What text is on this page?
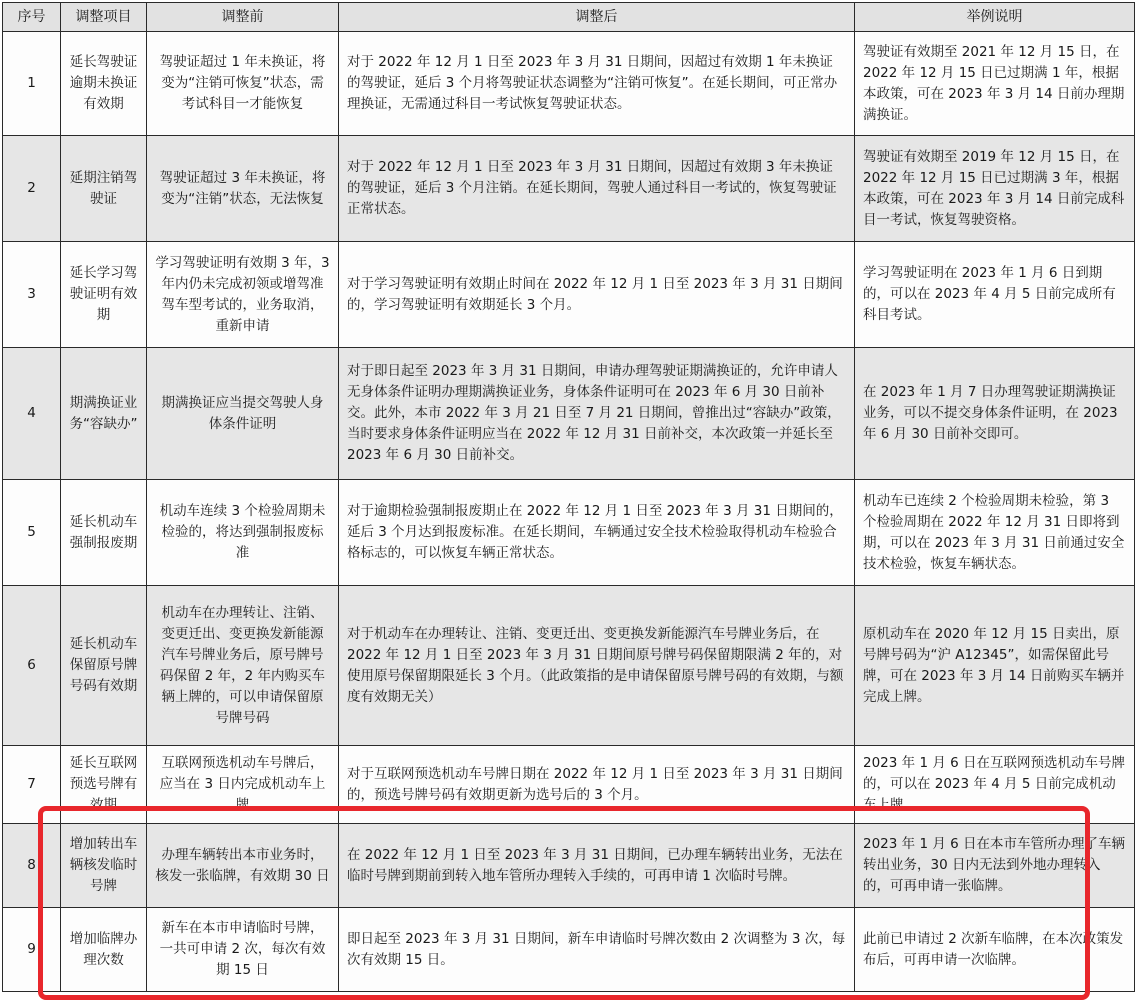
序号	调整项目	调整前	调整后	举例说明
1	延长驾驶证逾期未换证有效期	驾驶证超过 1 年未换证，将变为“注销可恢复”状态，需考试科目一才能恢复	对于 2022 年 12 月 1 日至 2023 年 3 月 31 日期间，因超过有效期 1 年未换证的驾驶证，延后 3 个月将驾驶证状态调整为“注销可恢复”。在延长期间，可正常办理换证，无需通过科目一考试恢复驾驶证状态。	驾驶证有效期至 2021 年 12 月 15 日，在 2022 年 12 月 15 日已过期满 1 年，根据本政策，可在 2023 年 3 月 14 日前办理期满换证。
2	延期注销驾驶证	驾驶证超过 3 年未换证，将变为“注销”状态，无法恢复	对于 2022 年 12 月 1 日至 2023 年 3 月 31 日期间，因超过有效期 3 年未换证的驾驶证，延后 3 个月注销。在延长期间，驾驶人通过科目一考试的，恢复驾驶证正常状态。	驾驶证有效期至 2019 年 12 月 15 日，在 2022 年 12 月 15 日已过期满 3 年，根据本政策，可在 2023 年 3 月 14 日前完成科目一考试，恢复驾驶资格。
3	延长学习驾驶证明有效期	学习驾驶证明有效期 3 年，3 年内仍未完成初领或增驾准驾车型考试的，业务取消，重新申请	对于学习驾驶证明有效期止时间在 2022 年 12 月 1 日至 2023 年 3 月 31 日期间的，学习驾驶证明有效期延长 3 个月。	学习驾驶证明在 2023 年 1 月 6 日到期的，可以在 2023 年 4 月 5 日前完成所有科目考试。
4	期满换证业务“容缺办”	期满换证应当提交驾驶人身体条件证明	对于即日起至 2023 年 3 月 31 日期间，申请办理驾驶证期满换证的，允许申请人无身体条件证明办理期满换证业务，身体条件证明可在 2023 年 6 月 30 日前补交。此外，本市 2022 年 3 月 21 日至 7 月 21 日期间，曾推出过“容缺办”政策，当时要求身体条件证明应当在 2022 年 12 月 31 日前补交，本次政策一并延长至 2023 年 6 月 30 日前补交。	在 2023 年 1 月 7 日办理驾驶证期满换证业务，可以不提交身体条件证明，在 2023 年 6 月 30 日前补交即可。
5	延长机动车强制报废期	机动车连续 3 个检验周期未检验的，将达到强制报废标准	对于逾期检验强制报废期止在 2022 年 12 月 1 日至 2023 年 3 月 31 日期间的，延后 3 个月达到报废标准。在延长期间，车辆通过安全技术检验取得机动车检验合格标志的，可以恢复车辆正常状态。	机动车已连续 2 个检验周期未检验，第 3 个检验周期在 2022 年 12 月 31 日即将到期，可以在 2023 年 3 月 31 日前通过安全技术检验，恢复车辆状态。
6	延长机动车保留原号牌号码有效期	机动车在办理转让、注销、变更迁出、变更换发新能源汽车号牌业务后，原号牌号码保留 2 年，2 年内购买车辆上牌的，可以申请保留原号牌号码	对于机动车在办理转让、注销、变更迁出、变更换发新能源汽车号牌业务后，在 2022 年 12 月 1 日至 2023 年 3 月 31 日期间原号牌号码保留期限满 2 年的，对使用原号保留期限延长 3 个月。（此政策指的是申请保留原号牌号码的有效期，与额度有效期无关）	原机动车在 2020 年 12 月 15 日卖出，原号牌号码为“沪 A12345”，如需保留此号牌，可在 2023 年 3 月 14 日前购买车辆并完成上牌。
7	延长互联网预选号牌有效期	互联网预选机动车号牌后，应当在 3 日内完成机动车上牌	对于互联网预选机动车号牌日期在 2022 年 12 月 1 日至 2023 年 3 月 31 日期间的，预选号牌号码有效期更新为选号后的 3 个月。	2023 年 1 月 6 日在互联网预选机动车号牌的，可以在 2023 年 4 月 5 日前完成机动车上牌。
8	增加转出车辆核发临时号牌	办理车辆转出本市业务时，核发一张临牌，有效期 30 日	在 2022 年 12 月 1 日至 2023 年 3 月 31 日期间，已办理车辆转出业务，无法在临时号牌到期前到转入地车管所办理转入手续的，可再申请 1 次临时号牌。	2023 年 1 月 6 日在本市车管所办理了车辆转出业务，30 日内无法到外地办理转入的，可再申请一张临牌。
9	增加临牌办理次数	新车在本市申请临时号牌，一共可申请 2 次，每次有效期 15 日	即日起至 2023 年 3 月 31 日期间，新车申请临时号牌次数由 2 次调整为 3 次，每次有效期 15 日。	此前已申请过 2 次新车临牌，在本次政策发布后，可再申请一次临牌。
